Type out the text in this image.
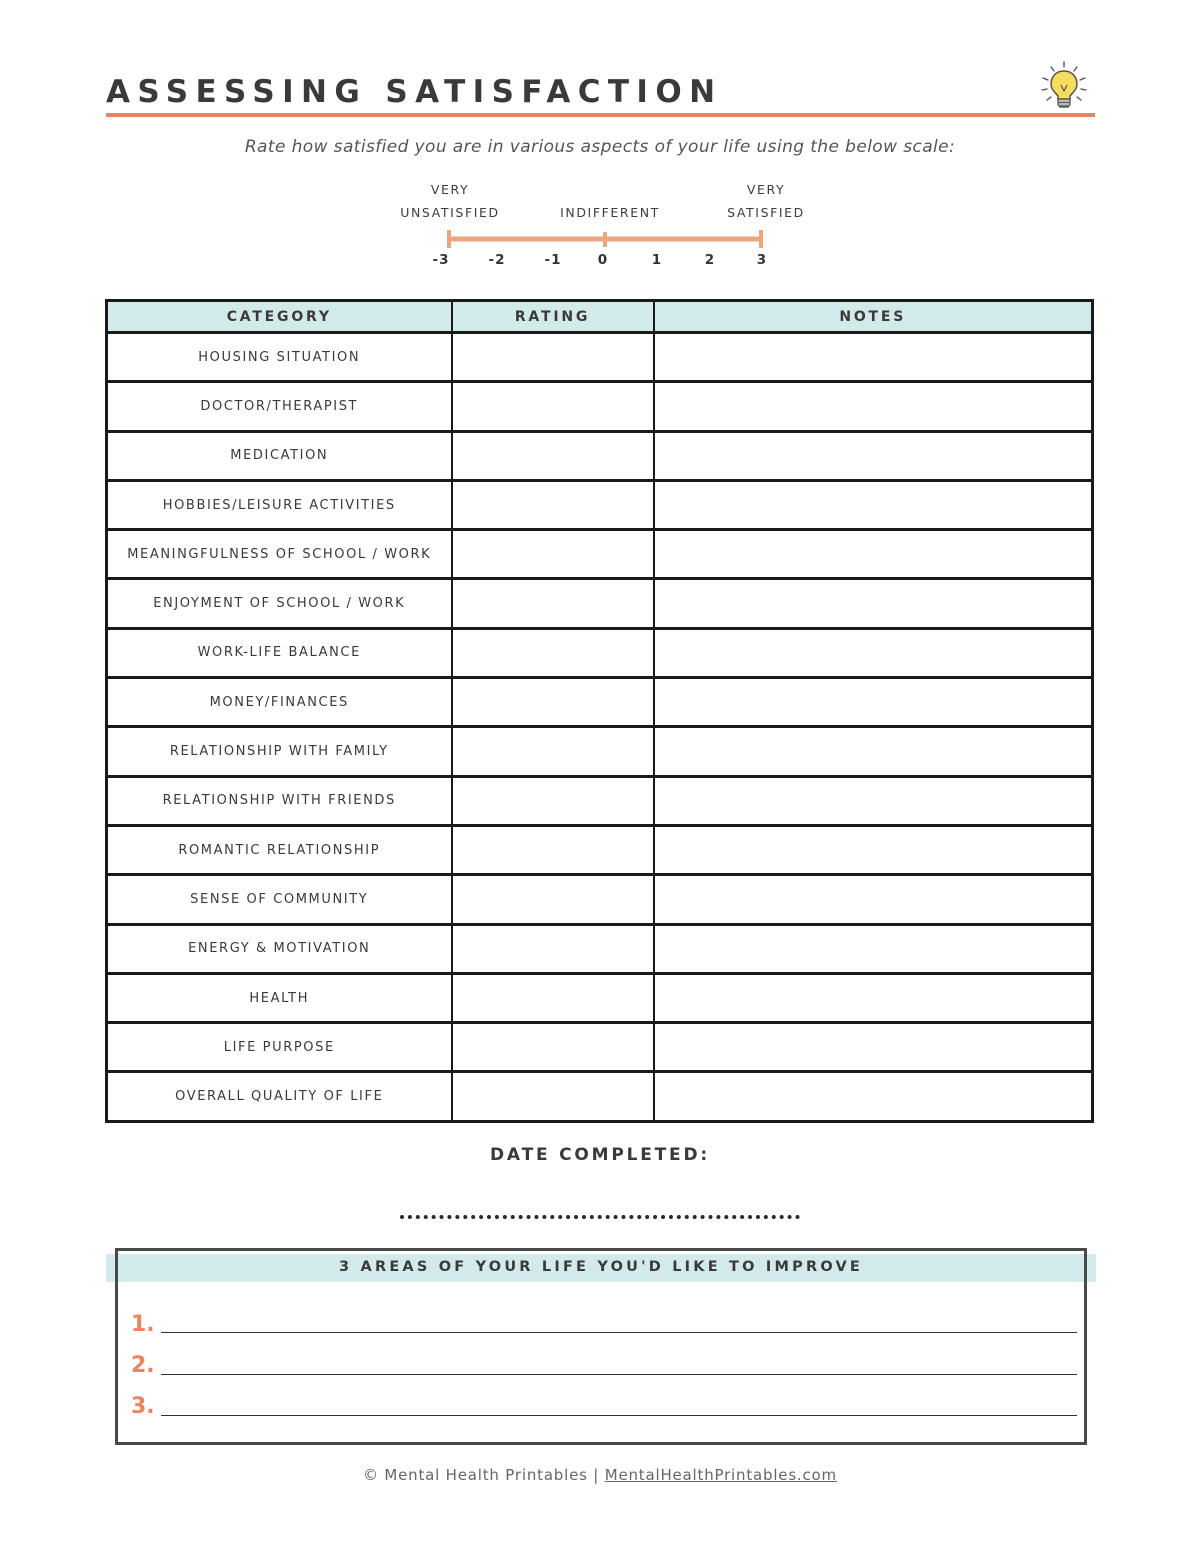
ASSESSING SATISFACTION
Rate how satisfied you are in various aspects of your life using the below scale:
VERY
UNSATISFIED	INDIFFERENT
VERY
SATISFIED
-3	-2	-1	0	1	2	3
CATEGORY	RATING	NOTES
HOUSING SITUATION		
DOCTOR/THERAPIST		
MEDICATION		
HOBBIES/LEISURE ACTIVITIES		
MEANINGFULNESS OF SCHOOL / WORK		
ENJOYMENT OF SCHOOL / WORK		
WORK-LIFE BALANCE		
MONEY/FINANCES		
RELATIONSHIP WITH FAMILY		
RELATIONSHIP WITH FRIENDS		
ROMANTIC RELATIONSHIP		
SENSE OF COMMUNITY		
ENERGY & MOTIVATION		
HEALTH		
LIFE PURPOSE		
OVERALL QUALITY OF LIFE		
DATE COMPLETED:
3 AREAS OF YOUR LIFE YOU'D LIKE TO IMPROVE
1.
2.
3.
© Mental Health Printables | MentalHealthPrintables.com
